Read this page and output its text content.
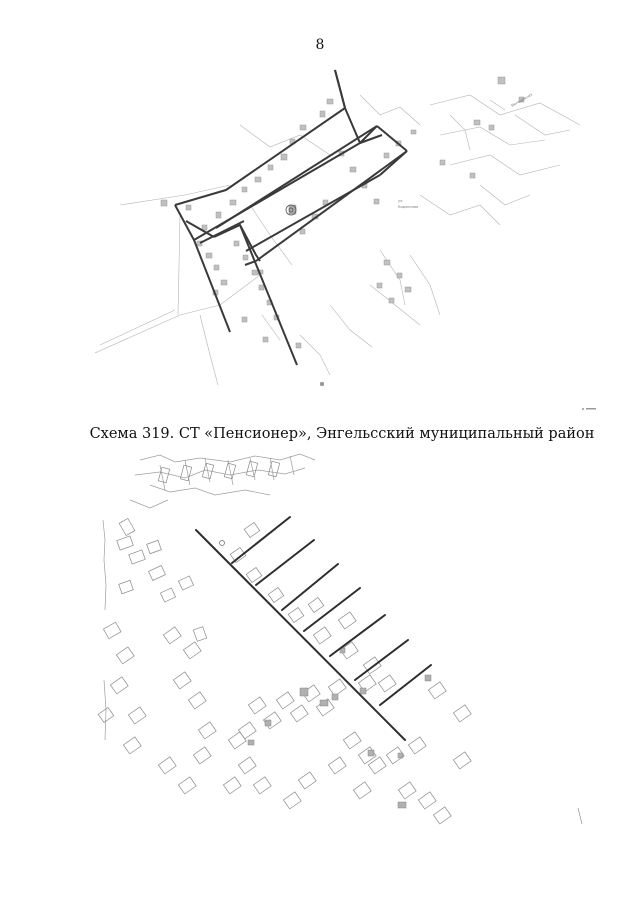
8
Кирпичная
ул.
Молодежная
Схема 319. СТ «Пенсионер», Энгельсский муниципальный район
